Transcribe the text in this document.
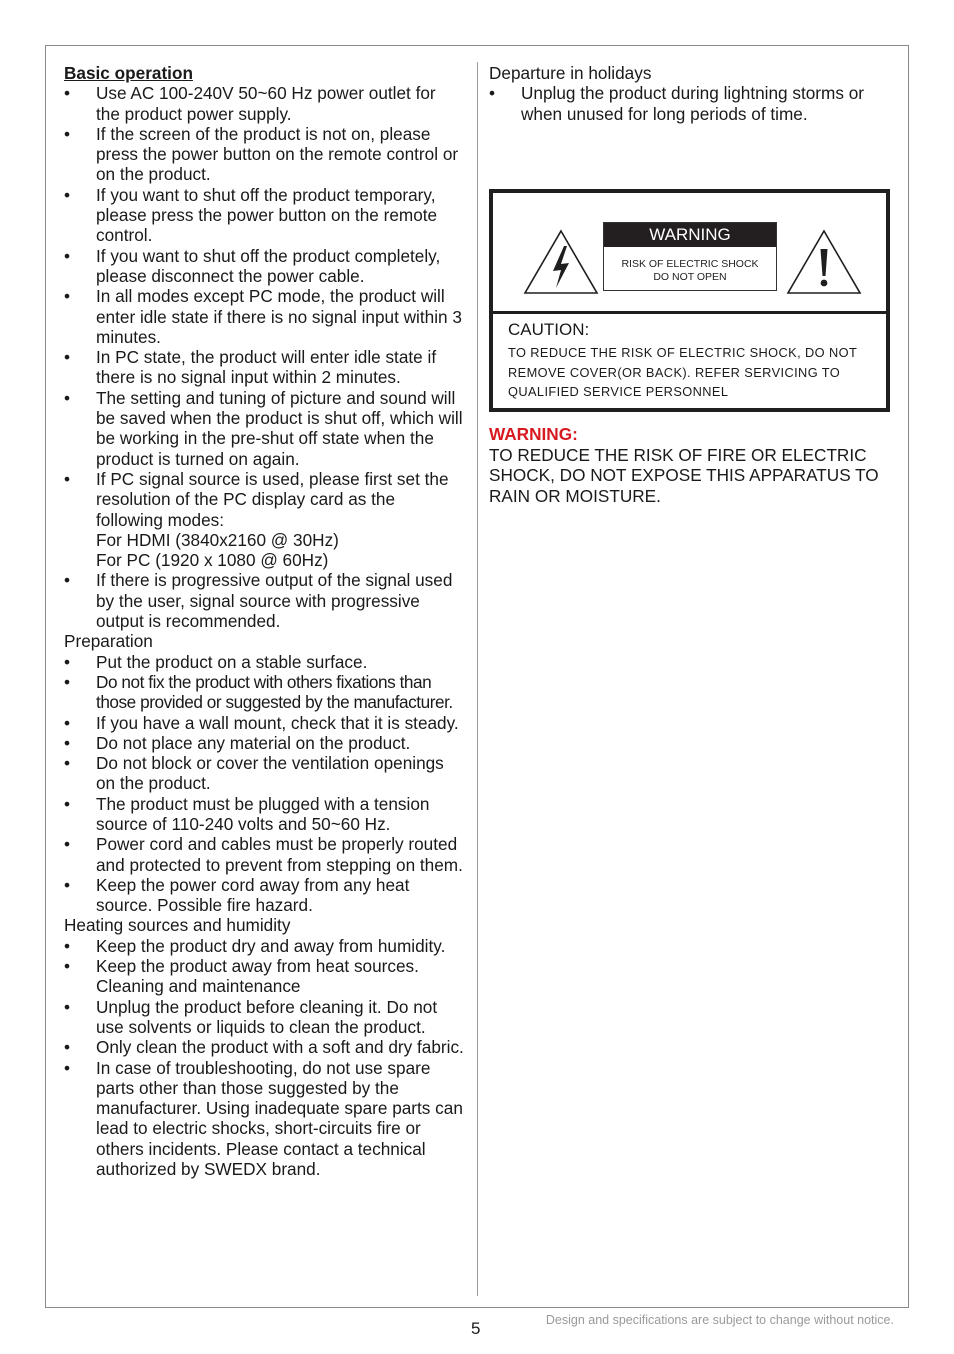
Basic operation
• Use AC 100-240V 50~60 Hz power outlet for the product power supply.
• If the screen of the product is not on, please press the power button on the remote control or on the product.
• If you want to shut off the product temporary, please press the power button on the remote control.
• If you want to shut off the product completely, please disconnect the power cable.
• In all modes except PC mode, the product will enter idle state if there is no signal input within 3 minutes.
• In PC state, the product will enter idle state if there is no signal input within 2 minutes.
• The setting and tuning of picture and sound will be saved when the product is shut off, which will be working in the pre-shut off state when the product is turned on again.
• If PC signal source is used, please first set the resolution of the PC display card as the following modes:
For HDMI (3840x2160 @ 30Hz)
For PC (1920 x 1080 @ 60Hz)
• If there is progressive output of the signal used by the user, signal source with progressive output is recommended.
Preparation
• Put the product on a stable surface.
• Do not fix the product with others fixations than those provided or suggested by the manufacturer.
• If you have a wall mount, check that it is steady.
• Do not place any material on the product.
• Do not block or cover the ventilation openings on the product.
• The product must be plugged with a tension source of 110-240 volts and 50~60 Hz.
• Power cord and cables must be properly routed and protected to prevent from stepping on them.
• Keep the power cord away from any heat source. Possible fire hazard.
Heating sources and humidity
• Keep the product dry and away from humidity.
• Keep the product away from heat sources.
Cleaning and maintenance
• Unplug the product before cleaning it. Do not use solvents or liquids to clean the product.
• Only clean the product with a soft and dry fabric.
• In case of troubleshooting, do not use spare parts other than those suggested by the manufacturer. Using inadequate spare parts can lead to electric shocks, short-circuits fire or others incidents. Please contact a technical authorized by SWEDX brand.
Departure in holidays
• Unplug the product during lightning storms or when unused for long periods of time.
WARNING
RISK OF ELECTRIC SHOCK
DO NOT OPEN
CAUTION:
TO REDUCE THE RISK OF ELECTRIC SHOCK, DO NOT REMOVE COVER(OR BACK). REFER SERVICING TO QUALIFIED SERVICE PERSONNEL
WARNING:
TO REDUCE THE RISK OF FIRE OR ELECTRIC SHOCK, DO NOT EXPOSE THIS APPARATUS TO RAIN OR MOISTURE.
5	Design and specifications are subject to change without notice.
